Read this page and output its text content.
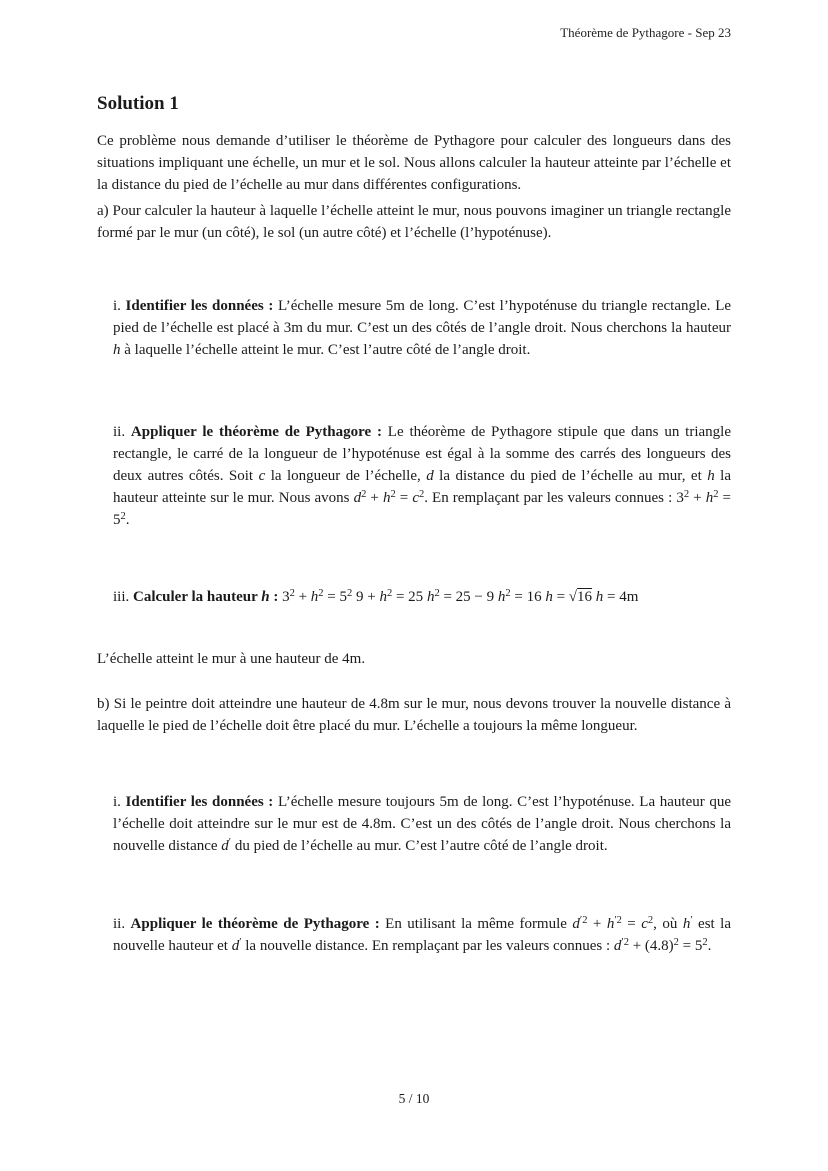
Théorème de Pythagore - Sep 23
Solution 1

Ce problème nous demande d’utiliser le théorème de Pythagore pour calculer des longueurs dans des situations impliquant une échelle, un mur et le sol. Nous allons calculer la hauteur atteinte par l’échelle et la distance du pied de l’échelle au mur dans différentes configurations.

a) Pour calculer la hauteur à laquelle l’échelle atteint le mur, nous pouvons imaginer un triangle rectangle formé par le mur (un côté), le sol (un autre côté) et l’échelle (l’hypoténuse).

i. Identifier les données : L’échelle mesure 5m de long. C’est l’hypoténuse du triangle rectangle. Le pied de l’échelle est placé à 3m du mur. C’est un des côtés de l’angle droit. Nous cherchons la hauteur h à laquelle l’échelle atteint le mur. C’est l’autre côté de l’angle droit.

ii. Appliquer le théorème de Pythagore : Le théorème de Pythagore stipule que dans un triangle rectangle, le carré de la longueur de l’hypoténuse est égal à la somme des carrés des longueurs des deux autres côtés. Soit c la longueur de l’échelle, d la distance du pied de l’échelle au mur, et h la hauteur atteinte sur le mur. Nous avons $d^2 + h^2 = c^2$. En remplaçant par les valeurs connues : $3^2 + h^2 = 5^2$.

iii. Calculer la hauteur h : $3^2 + h^2 = 5^2$ $9 + h^2 = 25$ $h^2 = 25 - 9$ $h^2 = 16$ h = √16 h = 4m

L’échelle atteint le mur à une hauteur de 4m.

b) Si le peintre doit atteindre une hauteur de 4.8m sur le mur, nous devons trouver la nouvelle distance à laquelle le pied de l’échelle doit être placé du mur. L’échelle a toujours la même longueur.

i. Identifier les données : L’échelle mesure toujours 5m de long. C’est l’hypoténuse. La hauteur que l’échelle doit atteindre sur le mur est de 4.8m. C’est un des côtés de l’angle droit. Nous cherchons la nouvelle distance d′ du pied de l’échelle au mur. C’est l’autre côté de l’angle droit.

ii. Appliquer le théorème de Pythagore : En utilisant la même formule $d^{'2} + h^{'2} = c^2$, où h′ est la nouvelle hauteur et d′ la nouvelle distance. En remplaçant par les valeurs connues : $d^{'2} + (4.8)^2 = 5^2$.

5 / 10
